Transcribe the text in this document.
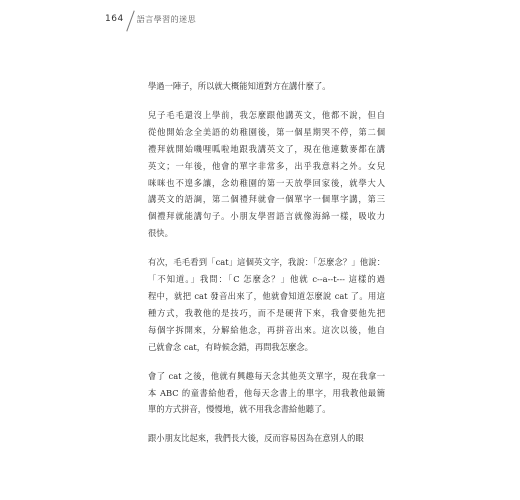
164 語言學習的迷思
學過一陣子，所以就大概能知道對方在講什麼了。
兒子毛毛還沒上學前，我怎麼跟他講英文，他都不說，但自
從他開始念全美語的幼稚園後，第一個星期哭不停，第二個
禮拜就開始嘰哩呱啦地跟我講英文了，現在他連數麥都在講
英文；一年後，他會的單字非常多，出乎我意料之外。女兒
咪咪也不遑多讓，念幼稚園的第一天放學回家後，就學大人
講英文的語調，第二個禮拜就會一個單字一個單字講，第三
個禮拜就能講句子。小朋友學習語言就像海綿一樣，吸收力
很快。
有次，毛毛看到「cat」這個英文字，我說：「怎麼念？」他說：
「不知道。」我問：「C 怎麼念？」他就 c--a--t--- 這樣的過
程中，就把 cat 發音出來了，他就會知道怎麼說 cat 了。用這
種方式，我教他的是技巧，而不是硬背下來，我會要他先把
每個字拆開來，分解給他念，再拼音出來。這次以後，他自
己就會念 cat，有時候念錯，再問我怎麼念。
會了 cat 之後，他就有興趣每天念其他英文單字，現在我拿一
本 ABC 的童書給他看，他每天念書上的單字，用我教他最簡
單的方式拼音，慢慢地，就不用我念書給他聽了。
跟小朋友比起來，我們長大後，反而容易因為在意別人的眼
